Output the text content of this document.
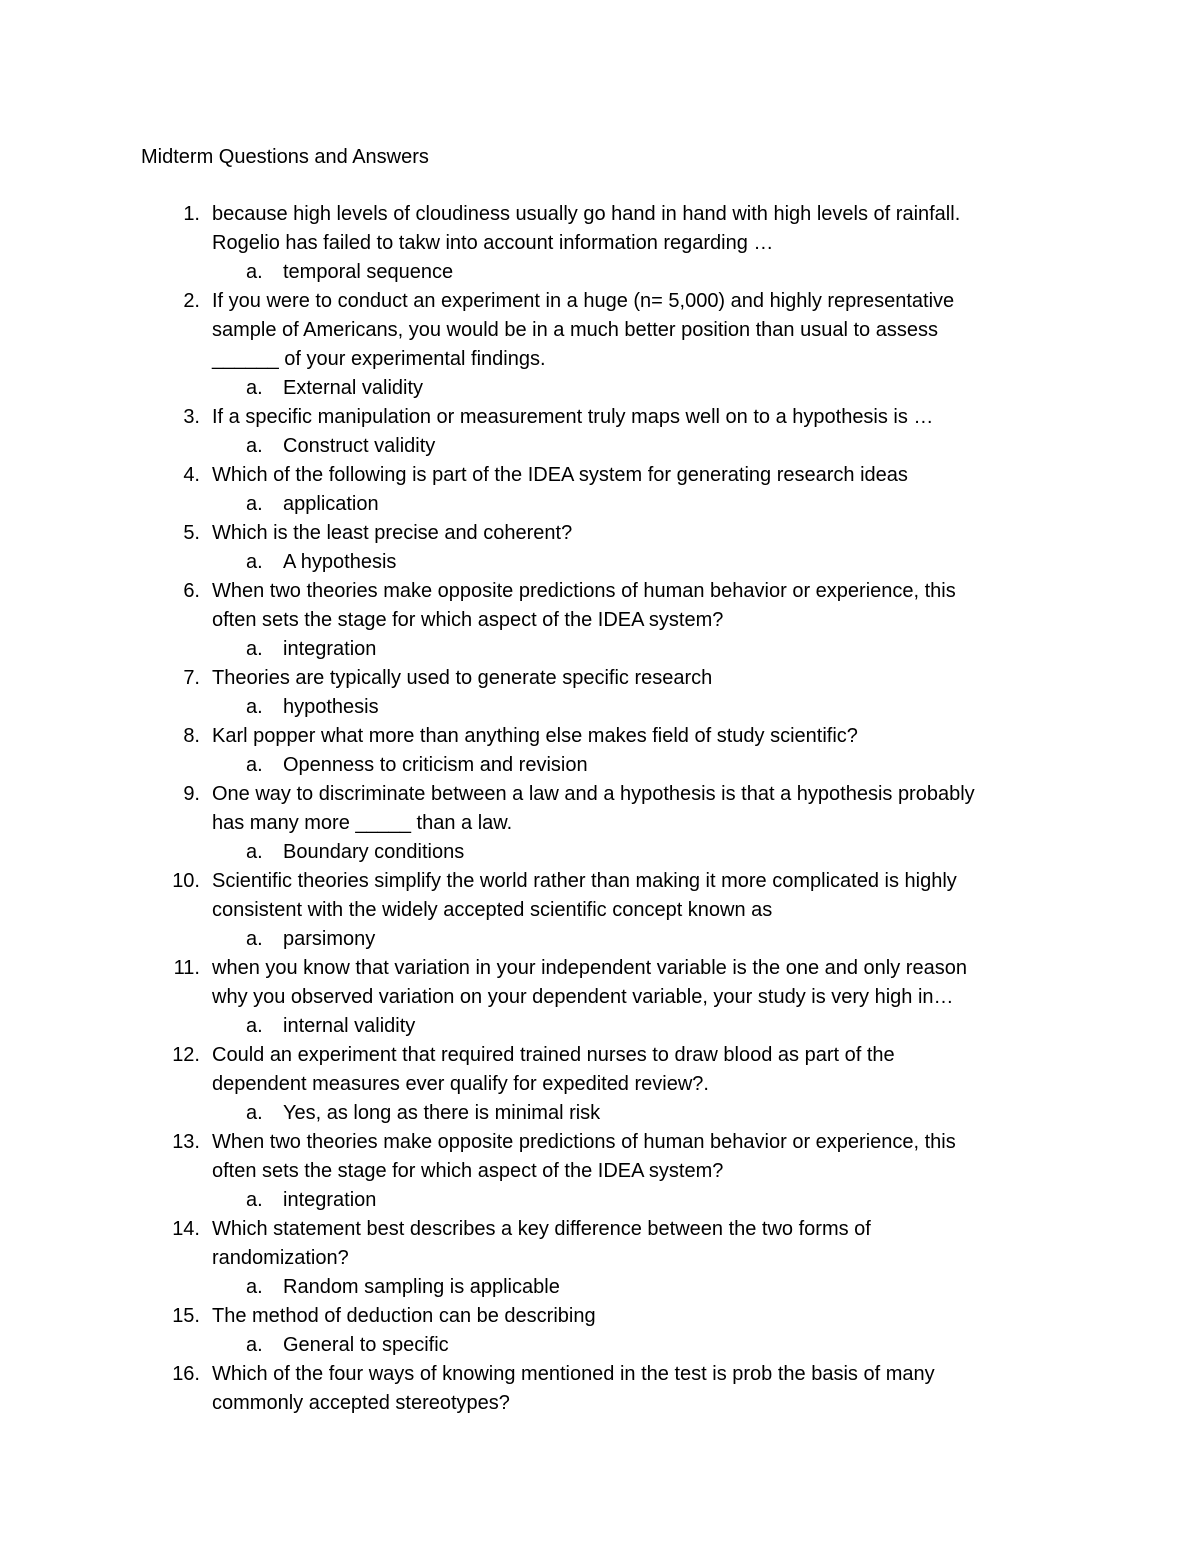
Midterm Questions and Answers
1. because high levels of cloudiness usually go hand in hand with high levels of rainfall.
Rogelio has failed to takw into account information regarding …
a. temporal sequence
2. If you were to conduct an experiment in a huge (n= 5,000) and highly representative
sample of Americans, you would be in a much better position than usual to assess
______ of your experimental findings.
a. External validity
3. If a specific manipulation or measurement truly maps well on to a hypothesis is …
a. Construct validity
4. Which of the following is part of the IDEA system for generating research ideas
a. application
5. Which is the least precise and coherent?
a. A hypothesis
6. When two theories make opposite predictions of human behavior or experience, this
often sets the stage for which aspect of the IDEA system?
a. integration
7. Theories are typically used to generate specific research
a. hypothesis
8. Karl popper what more than anything else makes field of study scientific?
a. Openness to criticism and revision
9. One way to discriminate between a law and a hypothesis is that a hypothesis probably
has many more _____ than a law.
a. Boundary conditions
10. Scientific theories simplify the world rather than making it more complicated is highly
consistent with the widely accepted scientific concept known as
a. parsimony
11. when you know that variation in your independent variable is the one and only reason
why you observed variation on your dependent variable, your study is very high in…
a. internal validity
12. Could an experiment that required trained nurses to draw blood as part of the
dependent measures ever qualify for expedited review?.
a. Yes, as long as there is minimal risk
13. When two theories make opposite predictions of human behavior or experience, this
often sets the stage for which aspect of the IDEA system?
a. integration
14. Which statement best describes a key difference between the two forms of
randomization?
a. Random sampling is applicable
15. The method of deduction can be describing
a. General to specific
16. Which of the four ways of knowing mentioned in the test is prob the basis of many
commonly accepted stereotypes?
